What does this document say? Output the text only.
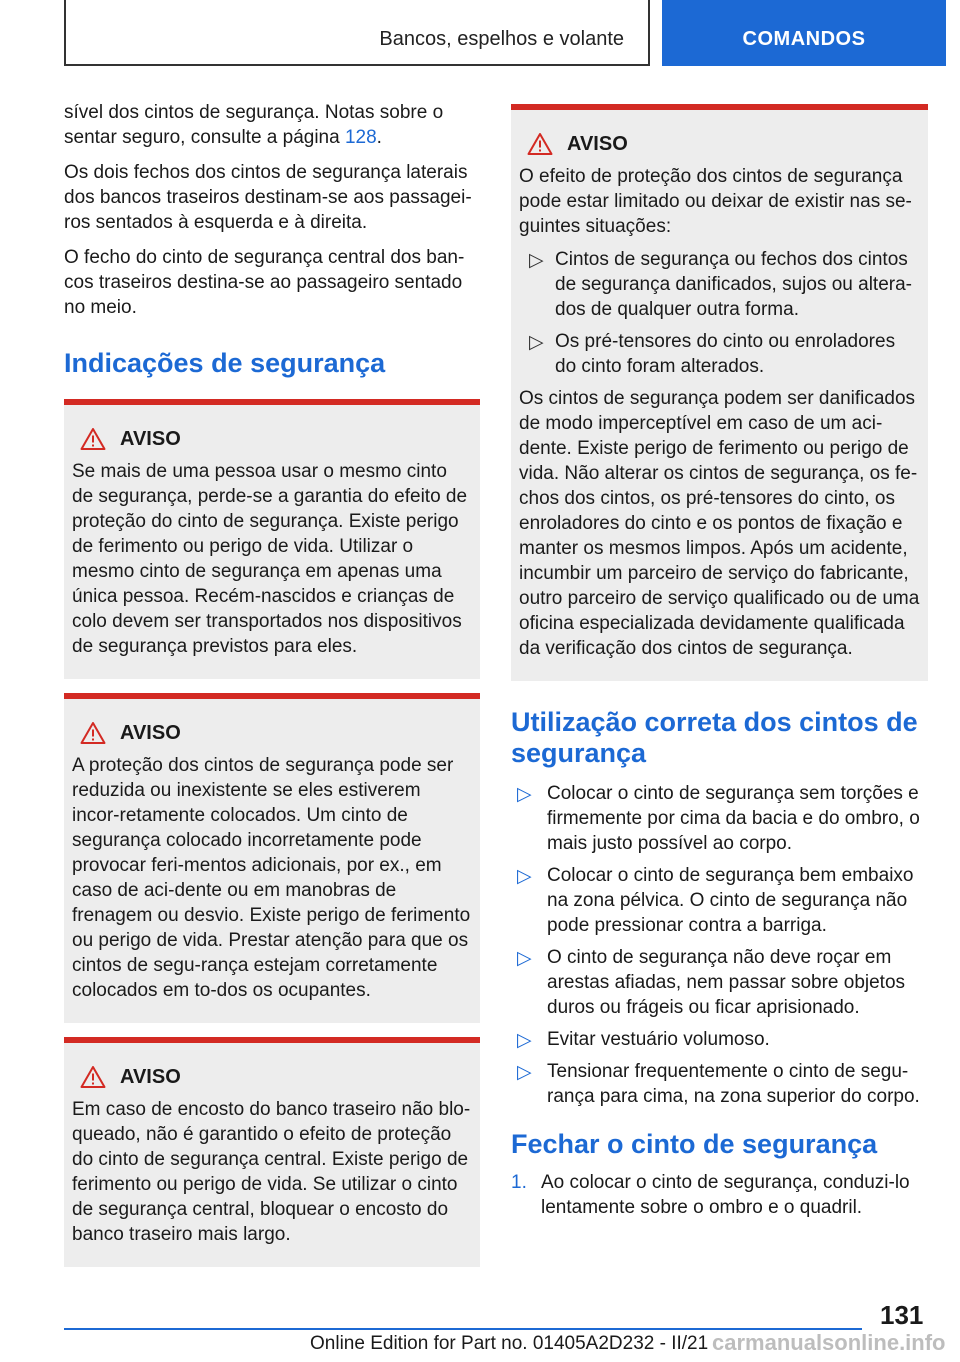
Bancos, espelhos e volante	COMANDOS

sível dos cintos de segurança. Notas sobre o sentar seguro, consulte a página 128.

Os dois fechos dos cintos de segurança laterais dos bancos traseiros destinam-se aos passagei-ros sentados à esquerda e à direita.

O fecho do cinto de segurança central dos ban-cos traseiros destina-se ao passageiro sentado no meio.

Indicações de segurança
AVISO
Se mais de uma pessoa usar o mesmo cinto de segurança, perde-se a garantia do efeito de proteção do cinto de segurança. Existe perigo de ferimento ou perigo de vida. Utilizar o mesmo cinto de segurança em apenas uma única pessoa. Recém-nascidos e crianças de colo devem ser transportados nos dispositivos de segurança previstos para eles.
AVISO
A proteção dos cintos de segurança pode ser reduzida ou inexistente se eles estiverem incor-retamente colocados. Um cinto de segurança colocado incorretamente pode provocar feri-mentos adicionais, por ex., em caso de aci-dente ou em manobras de frenagem ou desvio. Existe perigo de ferimento ou perigo de vida. Prestar atenção para que os cintos de segu-rança estejam corretamente colocados em to-dos os ocupantes.
AVISO
Em caso de encosto do banco traseiro não blo-queado, não é garantido o efeito de proteção do cinto de segurança central. Existe perigo de ferimento ou perigo de vida. Se utilizar o cinto de segurança central, bloquear o encosto do banco traseiro mais largo.
AVISO
O efeito de proteção dos cintos de segurança pode estar limitado ou deixar de existir nas se-guintes situações:
▷ Cintos de segurança ou fechos dos cintos de segurança danificados, sujos ou altera-dos de qualquer outra forma.
▷ Os pré-tensores do cinto ou enroladores do cinto foram alterados.
Os cintos de segurança podem ser danificados de modo imperceptível em caso de um aci-dente. Existe perigo de ferimento ou perigo de vida. Não alterar os cintos de segurança, os fe-chos dos cintos, os pré-tensores do cinto, os enroladores do cinto e os pontos de fixação e manter os mesmos limpos. Após um acidente, incumbir um parceiro de serviço do fabricante, outro parceiro de serviço qualificado ou de uma oficina especializada devidamente qualificada da verificação dos cintos de segurança.
Utilização correta dos cintos de segurança
▷ Colocar o cinto de segurança sem torções e firmemente por cima da bacia e do ombro, o mais justo possível ao corpo.
▷ Colocar o cinto de segurança bem embaixo na zona pélvica. O cinto de segurança não pode pressionar contra a barriga.
▷ O cinto de segurança não deve roçar em arestas afiadas, nem passar sobre objetos duros ou frágeis ou ficar aprisionado.
▷ Evitar vestuário volumoso.
▷ Tensionar frequentemente o cinto de segu-rança para cima, na zona superior do corpo.
Fechar o cinto de segurança
1. Ao colocar o cinto de segurança, conduzi-lo lentamente sobre o ombro e o quadril.
131
Online Edition for Part no. 01405A2D232 - II/21 carmanualsonline.info
